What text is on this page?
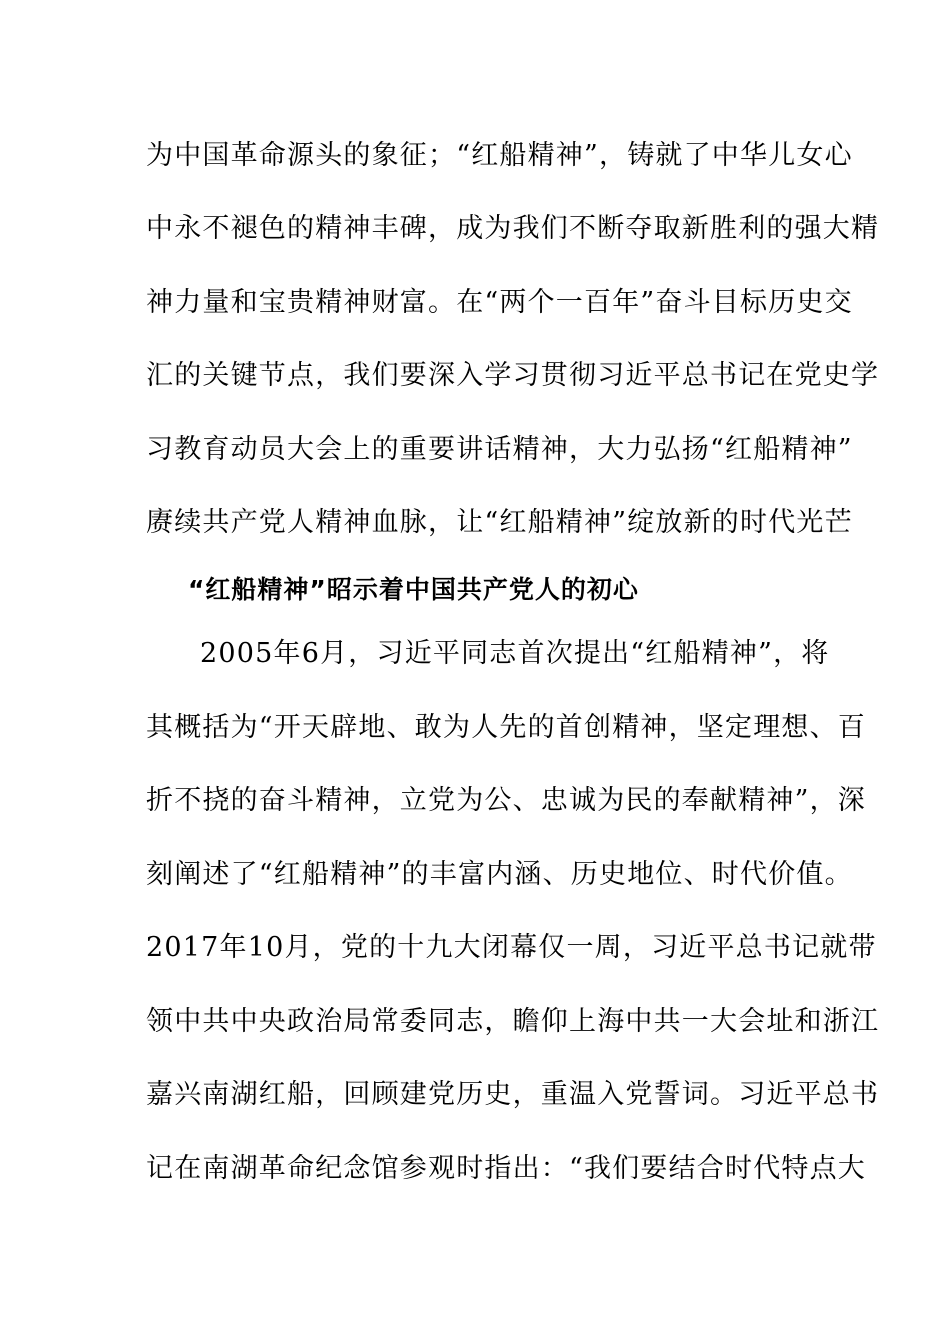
为中国革命源头的象征；“红船精神”，铸就了中华儿女心
中永不褪色的精神丰碑，成为我们不断夺取新胜利的强大精
神力量和宝贵精神财富。在“两个一百年”奋斗目标历史交
汇的关键节点，我们要深入学习贯彻习近平总书记在党史学
习教育动员大会上的重要讲话精神，大力弘扬“红船精神”
赓续共产党人精神血脉，让“红船精神”绽放新的时代光芒
“红船精神”昭示着中国共产党人的初心
2005年6月，习近平同志首次提出“红船精神”，将
其概括为“开天辟地、敢为人先的首创精神，坚定理想、百
折不挠的奋斗精神，立党为公、忠诚为民的奉献精神”，深
刻阐述了“红船精神”的丰富内涵、历史地位、时代价值。
2017年10月，党的十九大闭幕仅一周，习近平总书记就带
领中共中央政治局常委同志，瞻仰上海中共一大会址和浙江
嘉兴南湖红船，回顾建党历史，重温入党誓词。习近平总书
记在南湖革命纪念馆参观时指出：“我们要结合时代特点大
